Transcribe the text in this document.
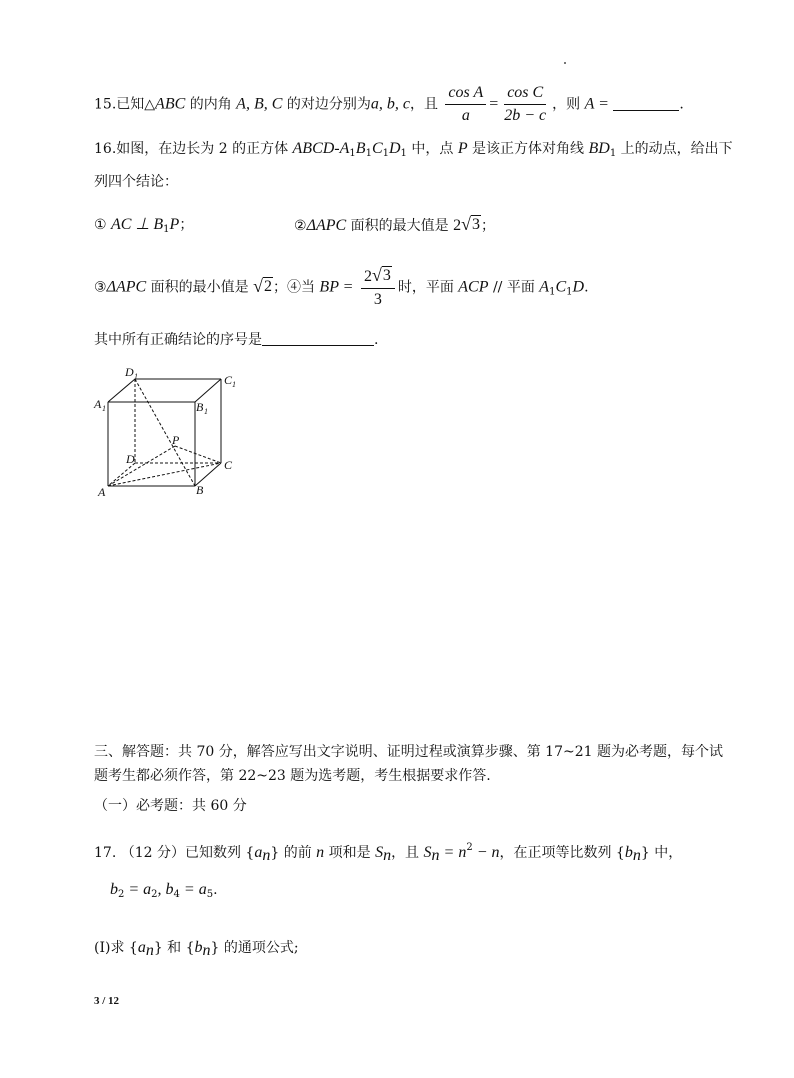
15.已知△ABC 的内角 A, B, C 的对边分别为a, b, c，且 $\frac{\text{cos A}}{a} = \frac{\text{cos C}}{2b - c}$ ，则 A =	.
16.如图，在边长为 2 的正方体 ABCD-$A_1B_1C_1D_1$ 中，点 P 是该正方体对角线 $BD_1$ 上的动点，给出下
列四个结论：
① AC ⊥ $B_1P$；	②ΔAPC 面积的最大值是 2 √ 3 ；
③ΔAPC 面积的最小值是 √ 2 ；④当 BP = $\frac{2 √ 3}{3}$ 时，平面 ACP // 平面 $A_1C_1D$.
其中所有正确结论的序号是	.
D 1	C 1
A 1	B 1
P
D	C
A	B
三、解答题：共 70 分，解答应写出文字说明、证明过程或演算步骤、第 17~21 题为必考题，每个试
题考生都必须作答，第 22~23 题为选考题，考生根据要求作答.
（一）必考题：共 60 分
17. （12 分）已知数列 $\{a_n\}$ 的前 n 项和是 $S_n$，且 $S_n = n^2 - n$，在正项等比数列 $\{b_n\}$ 中，
$b_2 = a_2$, $b_4 = a_5$.
(I)求 $\{a_n\}$ 和 $\{b_n\}$ 的通项公式;
3 / 12
